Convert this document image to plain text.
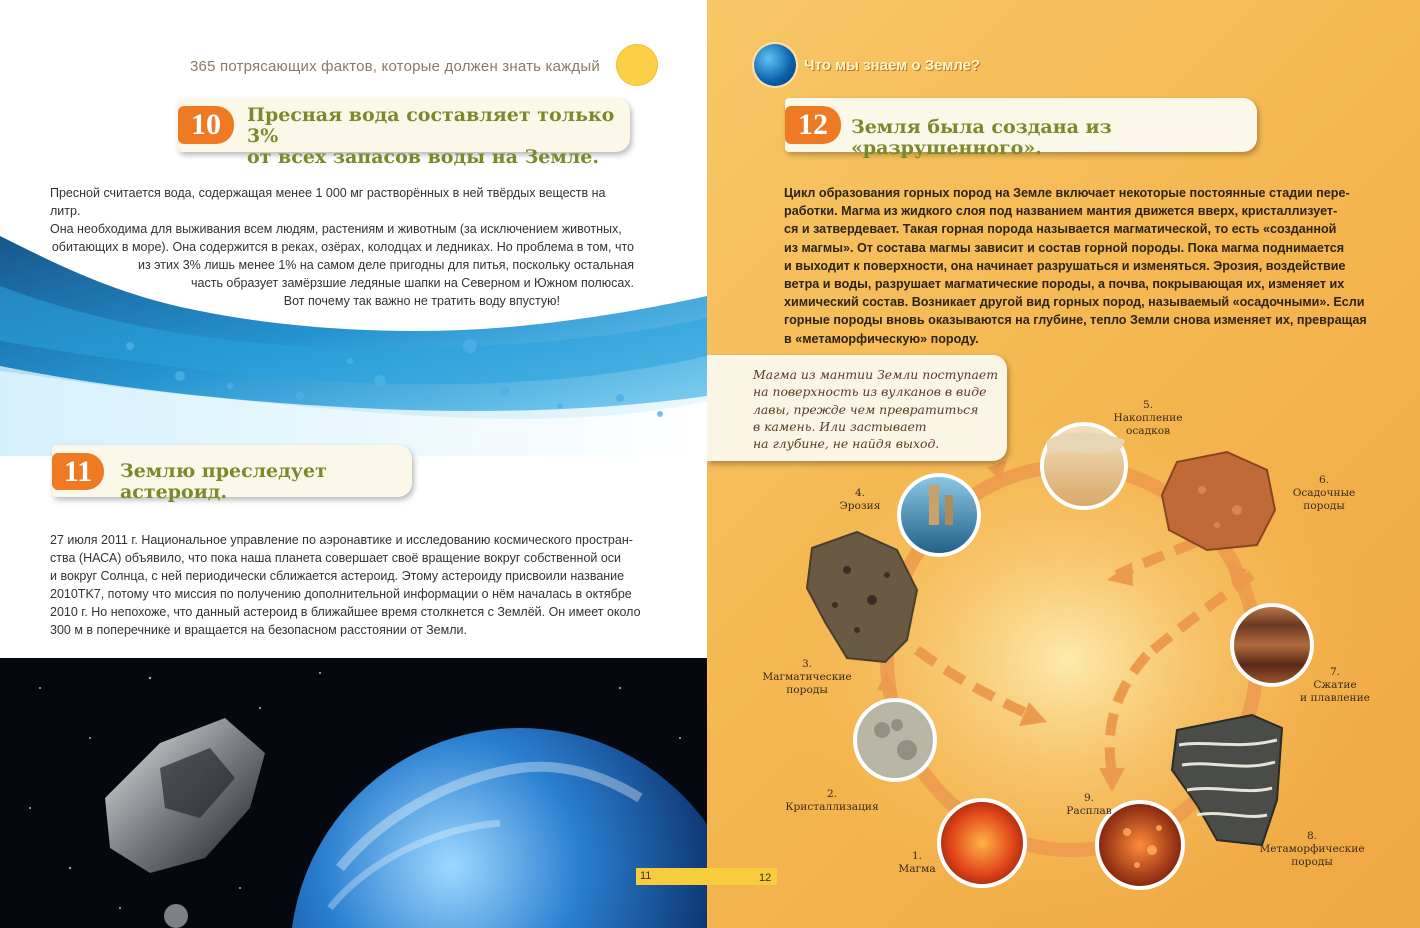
365 потрясающих фактов, которые должен знать каждый
10	Пресная вода составляет только 3%
от всех запасов воды на Земле.
Пресной считается вода, содержащая менее 1 000 мг растворённых в ней твёрдых веществ на литр.
Она необходима для выживания всем людям, растениям и животным (за исключением животных,
обитающих в море). Она содержится в реках, озёрах, колодцах и ледниках. Но проблема в том, что
из этих 3% лишь менее 1% на самом деле пригодны для питья, поскольку остальная
часть образует замёрзшие ледяные шапки на Северном и Южном полюсах.
Вот почему так важно не тратить воду впустую!
11	Землю преследует астероид.
27 июля 2011 г. Национальное управление по аэронавтике и исследованию космического простран-
ства (НАСА) объявило, что пока наша планета совершает своё вращение вокруг собственной оси
и вокруг Солнца, с ней периодически сближается астероид. Этому астероиду присвоили название
2010TK7, потому что миссия по получению дополнительной информации о нём началась в октябре
2010 г. Но непохоже, что данный астероид в ближайшее время столкнется с Землёй. Он имеет около
300 м в поперечнике и вращается на безопасном расстоянии от Земли.
11
Что мы знаем о Земле?
12	Земля была создана из «разрушенного».
Цикл образования горных пород на Земле включает некоторые постоянные стадии пере-
работки. Магма из жидкого слоя под названием мантия движется вверх, кристаллизует-
ся и затвердевает. Такая горная порода называется магматической, то есть «созданной
из магмы». От состава магмы зависит и состав горной породы. Пока магма поднимается
и выходит к поверхности, она начинает разрушаться и изменяться. Эрозия, воздействие
ветра и воды, разрушает магматические породы, а почва, покрывающая их, изменяет их
химический состав. Возникает другой вид горных пород, называемый «осадочными». Если
горные породы вновь оказываются на глубине, тепло Земли снова изменяет их, превращая
в «метаморфическую» породу.
Магма из мантии Земли поступает
на поверхность из вулканов в виде
лавы, прежде чем превратиться
в камень. Или застывает
на глубине, не найдя выход.
1.
Магма
2.
Кристаллизация
3.
Магматические
породы
4.
Эрозия
5.
Накопление
осадков
6.
Осадочные
породы
7.
Сжатие
и плавление
8.
Метаморфические
породы
9.
Расплав
12
